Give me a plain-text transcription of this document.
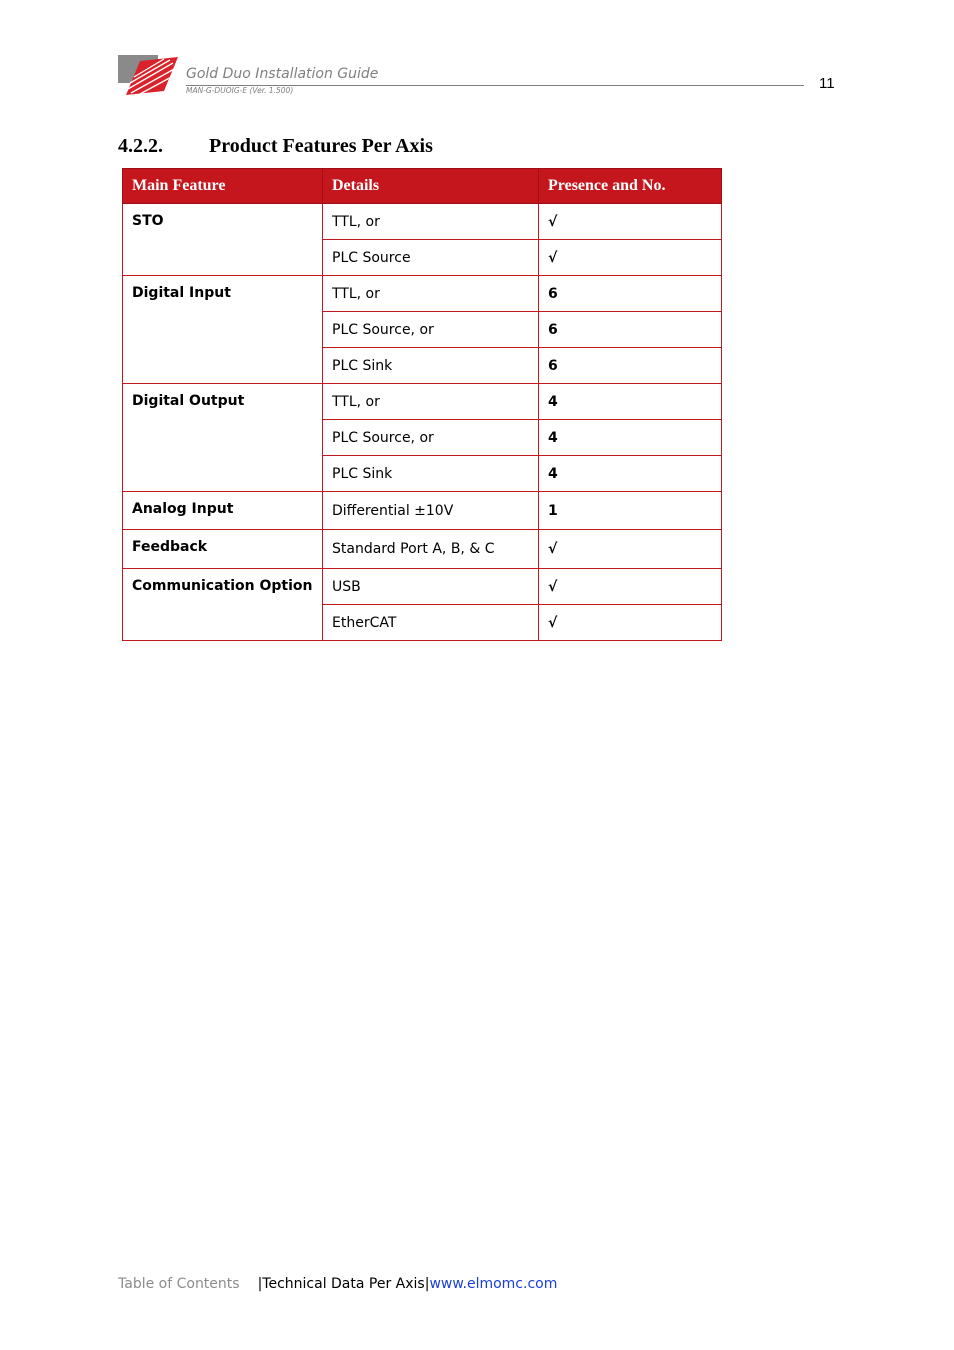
Gold Duo Installation Guide
MAN-G-DUOIG-E (Ver. 1.500)	11
4.2.2. Product Features Per Axis
Main Feature	Details	Presence and No.
STO	TTL, or	√
	PLC Source	√
Digital Input	TTL, or	6
	PLC Source, or	6
	PLC Sink	6
Digital Output	TTL, or	4
	PLC Source, or	4
	PLC Sink	4
Analog Input	Differential ±10V	1
Feedback	Standard Port A, B, & C	√
Communication Option	USB	√
	EtherCAT	√
Table of Contents |Technical Data Per Axis|www.elmomc.com
